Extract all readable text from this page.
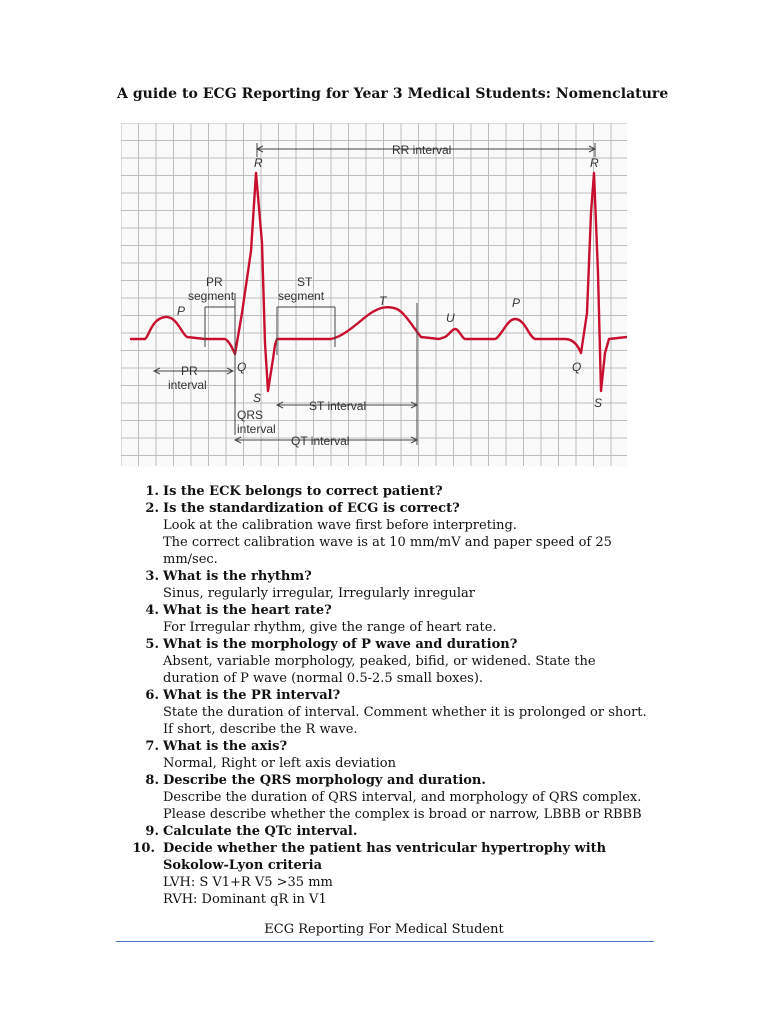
A guide to ECG Reporting for Year 3 Medical Students: Nomenclature
RR interval
R	R
P
P
T
U
Q	Q
S	S
PR
segment
ST
segment
PR
interval
QRS
interval
ST interval
QT interval
1. Is the ECK belongs to correct patient?
2. Is the standardization of ECG is correct?
Look at the calibration wave first before interpreting.
The correct calibration wave is at 10 mm/mV and paper speed of 25 mm/sec.
3. What is the rhythm?
Sinus, regularly irregular, Irregularly inregular
4. What is the heart rate?
For Irregular rhythm, give the range of heart rate.
5. What is the morphology of P wave and duration?
Absent, variable morphology, peaked, bifid, or widened. State the duration of P wave (normal 0.5-2.5 small boxes).
6. What is the PR interval?
State the duration of interval. Comment whether it is prolonged or short.
If short, describe the R wave.
7. What is the axis?
Normal, Right or left axis deviation
8. Describe the QRS morphology and duration.
Describe the duration of QRS interval, and morphology of QRS complex.
Please describe whether the complex is broad or narrow, LBBB or RBBB
9. Calculate the QTc interval.
10. Decide whether the patient has ventricular hypertrophy with Sokolow-Lyon criteria
LVH: S V1+R V5 >35 mm
RVH: Dominant qR in V1
ECG Reporting For Medical Student
